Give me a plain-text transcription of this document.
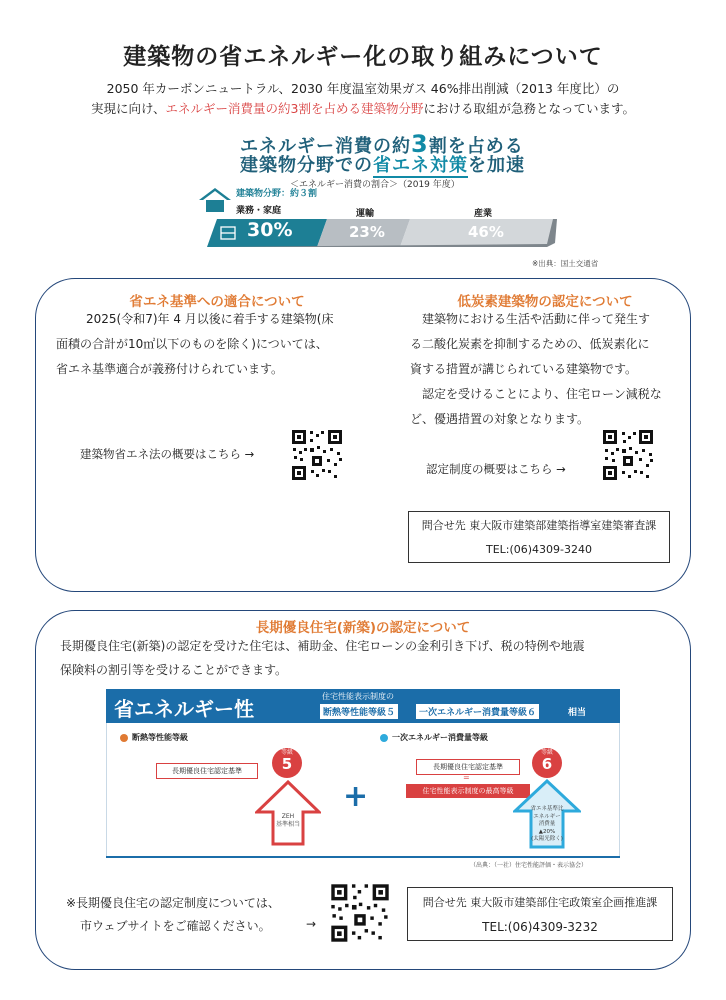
建築物の省エネルギー化の取り組みについて
2050 年カーボンニュートラル、2030 年度温室効果ガス 46%排出削減（2013 年度比）の
実現に向け、エネルギー消費量の約3割を占める建築物分野における取組が急務となっています。
エネルギー消費の約3割を占める
建築物分野での省エネ対策を加速
＜エネルギー消費の割合＞（2019 年度）
建築物分野：約３割
業務・家庭	運輸	産業
30%	23%	46%
※出典：国土交通省
省エネ基準への適合について
2025(令和7)年 4 月以後に着手する建築物(床
面積の合計が10㎡以下のものを除く)については、
省エネ基準適合が義務付けられています。
建築物省エネ法の概要はこちら →
低炭素建築物の認定について
建築物における生活や活動に伴って発生す
る二酸化炭素を抑制するための、低炭素化に
資する措置が講じられている建築物です。
認定を受けることにより、住宅ローン減税な
ど、優遇措置の対象となります。
認定制度の概要はこちら →
問合せ先 東大阪市建築部建築指導室建築審査課
TEL:(06)4309-3240
長期優良住宅(新築)の認定について
長期優良住宅(新築)の認定を受けた住宅は、補助金、住宅ローンの金利引き下げ、税の特例や地震
保険料の割引等を受けることができます。
省エネルギー性
住宅性能表示制度の
断熱等性能等級５	一次エネルギー消費量等級６	相当
断熱等性能等級
長期優良住宅認定基準
等級
5
ZEH
基準相当
+
一次エネルギー消費量等級
長期優良住宅認定基準
=
住宅性能表示制度の最高等級
等級
6
省エネ基準比
エネルギー
消費量
▲20%
(太陽光除く)
（出典：（一社）住宅性能評価・表示協会）
※長期優良住宅の認定制度については、
市ウェブサイトをご確認ください。	→
問合せ先 東大阪市建築部住宅政策室企画推進課
TEL:(06)4309-3232
